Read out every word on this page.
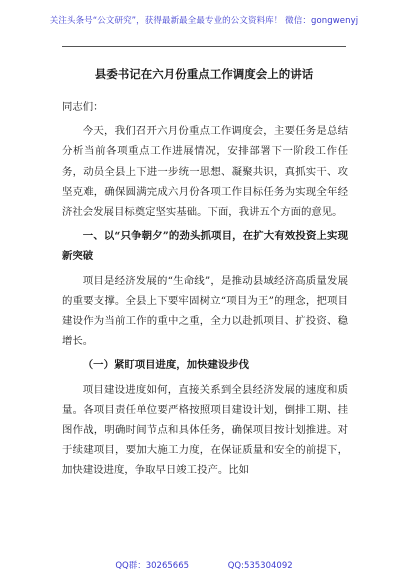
关注头条号“公文研究”，获得最新最全最专业的公文资料库！ 微信：gongwenyj
县委书记在六月份重点工作调度会上的讲话

同志们：

今天，我们召开六月份重点工作调度会，主要任务是总结分析当前各项重点工作进展情况，安排部署下一阶段工作任务，动员全县上下进一步统一思想、凝聚共识，真抓实干、攻坚克难，确保圆满完成六月份各项工作目标任务为实现全年经济社会发展目标奠定坚实基础。下面，我讲五个方面的意见。

一、以“只争朝夕”的劲头抓项目，在扩大有效投资上实现新突破

项目是经济发展的“生命线”，是推动县域经济高质量发展的重要支撑。全县上下要牢固树立“项目为王”的理念，把项目建设作为当前工作的重中之重，全力以赴抓项目、扩投资、稳增长。

（一）紧盯项目进度，加快建设步伐

项目建设进度如何，直接关系到全县经济发展的速度和质量。各项目责任单位要严格按照项目建设计划，倒排工期、挂图作战，明确时间节点和具体任务，确保项目按计划推进。对于续建项目，要加大施工力度，在保证质量和安全的前提下，加快建设进度，争取早日竣工投产。比如

QQ群：30265665	QQ:535304092
